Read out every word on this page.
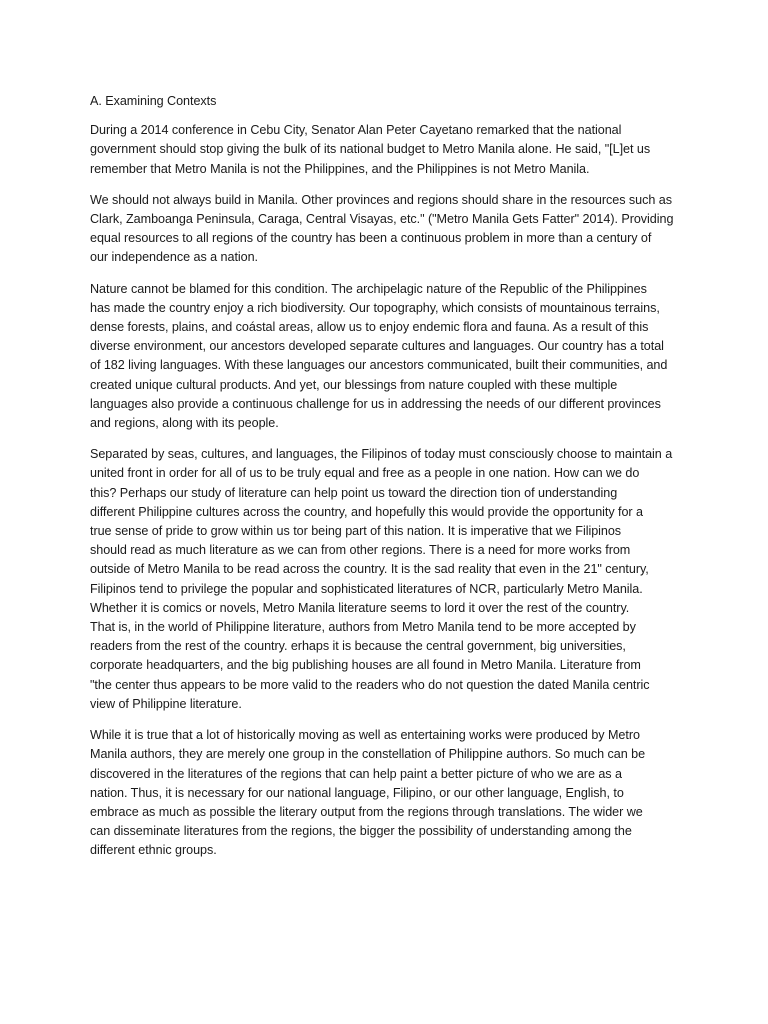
A. Examining Contexts
During a 2014 conference in Cebu City, Senator Alan Peter Cayetano remarked that the national
government should stop giving the bulk of its national budget to Metro Manila alone. He said, "[L]et us
remember that Metro Manila is not the Philippines, and the Philippines is not Metro Manila.
We should not always build in Manila. Other provinces and regions should share in the resources such as
Clark, Zamboanga Peninsula, Caraga, Central Visayas, etc." ("Metro Manila Gets Fatter" 2014). Providing
equal resources to all regions of the country has been a continuous problem in more than a century of
our independence as a nation.
Nature cannot be blamed for this condition. The archipelagic nature of the Republic of the Philippines
has made the country enjoy a rich biodiversity. Our topography, which consists of mountainous terrains,
dense forests, plains, and coástal areas, allow us to enjoy endemic flora and fauna. As a result of this
diverse environment, our ancestors developed separate cultures and languages. Our country has a total
of 182 living languages. With these languages our ancestors communicated, built their communities, and
created unique cultural products. And yet, our blessings from nature coupled with these multiple
languages also provide a continuous challenge for us in addressing the needs of our different provinces
and regions, along with its people.
Separated by seas, cultures, and languages, the Filipinos of today must consciously choose to maintain a
united front in order for all of us to be truly equal and free as a people in one nation. How can we do
this? Perhaps our study of literature can help point us toward the direction tion of understanding
different Philippine cultures across the country, and hopefully this would provide the opportunity for a
true sense of pride to grow within us tor being part of this nation. It is imperative that we Filipinos
should read as much literature as we can from other regions. There is a need for more works from
outside of Metro Manila to be read across the country. It is the sad reality that even in the 21" century,
Filipinos tend to privilege the popular and sophisticated literatures of NCR, particularly Metro Manila.
Whether it is comics or novels, Metro Manila literature seems to lord it over the rest of the country.
That is, in the world of Philippine literature, authors from Metro Manila tend to be more accepted by
readers from the rest of the country. erhaps it is because the central government, big universities,
corporate headquarters, and the big publishing houses are all found in Metro Manila. Literature from
"the center thus appears to be more valid to the readers who do not question the dated Manila centric
view of Philippine literature.
While it is true that a lot of historically moving as well as entertaining works were produced by Metro
Manila authors, they are merely one group in the constellation of Philippine authors. So much can be
discovered in the literatures of the regions that can help paint a better picture of who we are as a
nation. Thus, it is necessary for our national language, Filipino, or our other language, English, to
embrace as much as possible the literary output from the regions through translations. The wider we
can disseminate literatures from the regions, the bigger the possibility of understanding among the
different ethnic groups.
